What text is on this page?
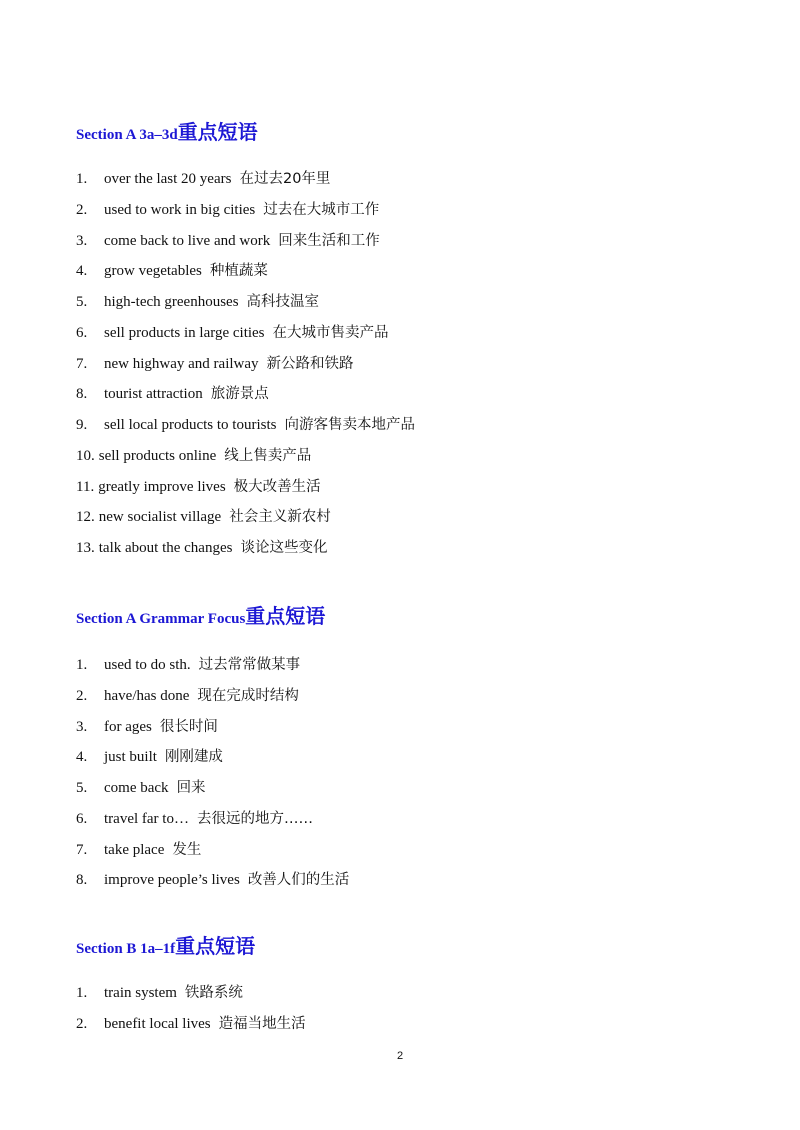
Section A 3a–3d重点短语
1. over the last 20 years 在过去20年里
2. used to work in big cities 过去在大城市工作
3. come back to live and work 回来生活和工作
4. grow vegetables 种植蔬菜
5. high-tech greenhouses 高科技温室
6. sell products in large cities 在大城市售卖产品
7. new highway and railway 新公路和铁路
8. tourist attraction 旅游景点
9. sell local products to tourists 向游客售卖本地产品
10. sell products online 线上售卖产品
11. greatly improve lives 极大改善生活
12. new socialist village 社会主义新农村
13. talk about the changes 谈论这些变化
Section A Grammar Focus重点短语
1. used to do sth. 过去常常做某事
2. have/has done 现在完成时结构
3. for ages 很长时间
4. just built 刚刚建成
5. come back 回来
6. travel far to… 去很远的地方……
7. take place 发生
8. improve people’s lives 改善人们的生活
Section B 1a–1f重点短语
1. train system 铁路系统
2. benefit local lives 造福当地生活
2
